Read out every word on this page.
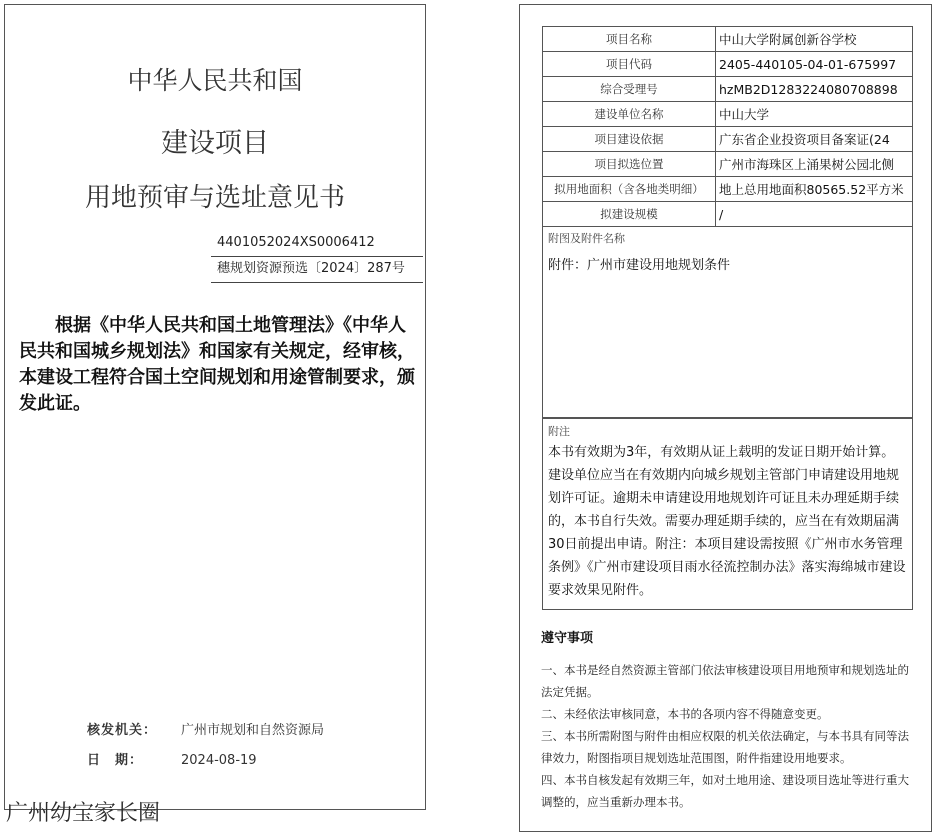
中华人民共和国
建设项目
用地预审与选址意见书
4401052024XS0006412
穗规划资源预选〔2024〕287号
根据《中华人民共和国土地管理法》《中华人民共和国城乡规划法》和国家有关规定，经审核，本建设工程符合国土空间规划和用途管制要求，颁发此证。
核发机关： 广州市规划和自然资源局
日　期：	2024-08-19
广州幼宝家长圈
项目名称	中山大学附属创新谷学校
项目代码	2405-440105-04-01-675997
综合受理号	hzMB2D1283224080708898
建设单位名称	中山大学
项目建设依据	广东省企业投资项目备案证(24
项目拟选位置	广州市海珠区上涌果树公园北侧
拟用地面积（含各地类明细）	地上总用地面积80565.52平方米
拟建设规模	/
附图及附件名称
附件：广州市建设用地规划条件
附注
本书有效期为3年，有效期从证上载明的发证日期开始计算。建设单位应当在有效期内向城乡规划主管部门申请建设用地规划许可证。逾期未申请建设用地规划许可证且未办理延期手续的，本书自行失效。需要办理延期手续的，应当在有效期届满30日前提出申请。附注：本项目建设需按照《广州市水务管理条例》《广州市建设项目雨水径流控制办法》落实海绵城市建设要求效果见附件。
遵守事项

一、本书是经自然资源主管部门依法审核建设项目用地预审和规划选址的法定凭据。

二、未经依法审核同意，本书的各项内容不得随意变更。

三、本书所需附图与附件由相应权限的机关依法确定，与本书具有同等法律效力，附图指项目规划选址范围图，附件指建设用地要求。

四、本书自核发起有效期三年，如对土地用途、建设项目选址等进行重大调整的，应当重新办理本书。
